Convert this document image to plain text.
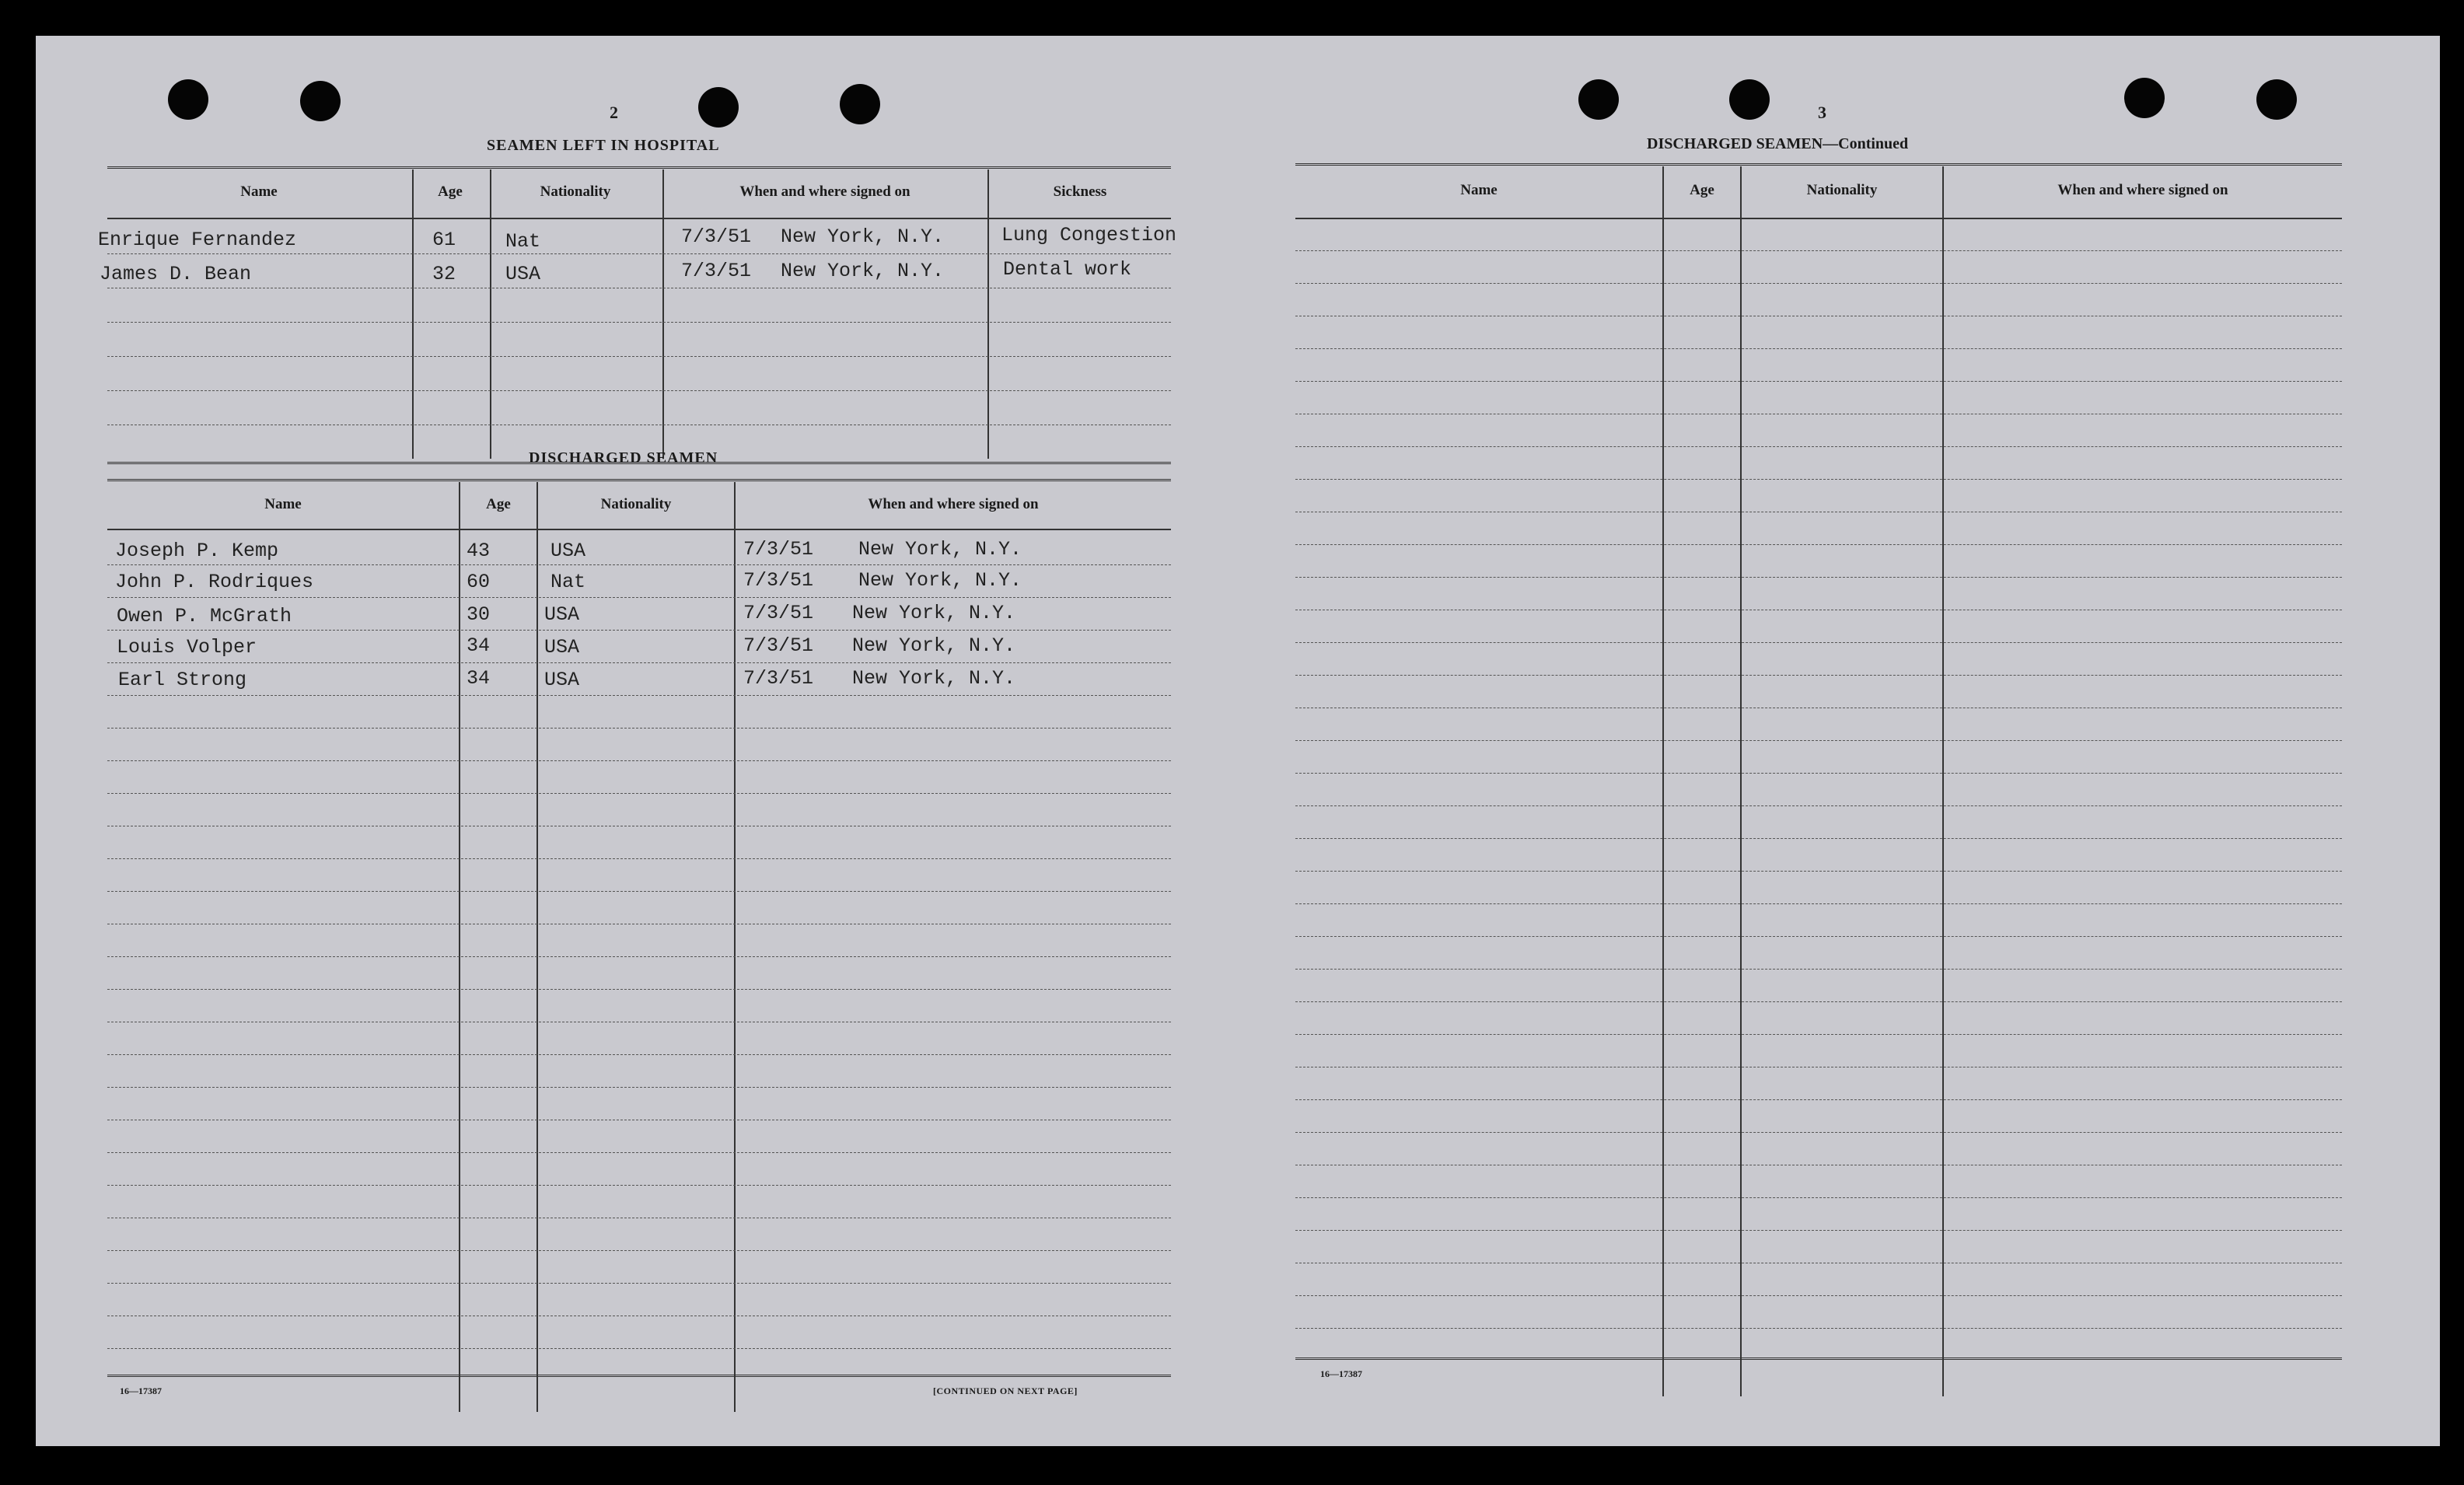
2
SEAMEN LEFT IN HOSPITAL
Name	Age	Nationality	When and where signed on	Sickness
Enrique Fernandez	61	Nat	7/3/51 New York, N.Y.	Lung Congestion
James D. Bean	32	USA	7/3/51 New York, N.Y.	Dental work
DISCHARGED SEAMEN
Name	Age	Nationality	When and where signed on
Joseph P. Kemp	43	USA	7/3/51 New York, N.Y.
John P. Rodriques	60	Nat	7/3/51 New York, N.Y.
Owen P. McGrath	30	USA	7/3/51 New York, N.Y.
Louis Volper	34	USA	7/3/51 New York, N.Y.
Earl Strong	34	USA	7/3/51 New York, N.Y.
16—17387	[CONTINUED ON NEXT PAGE]
3
DISCHARGED SEAMEN—Continued
Name	Age	Nationality	When and where signed on
16—17387
